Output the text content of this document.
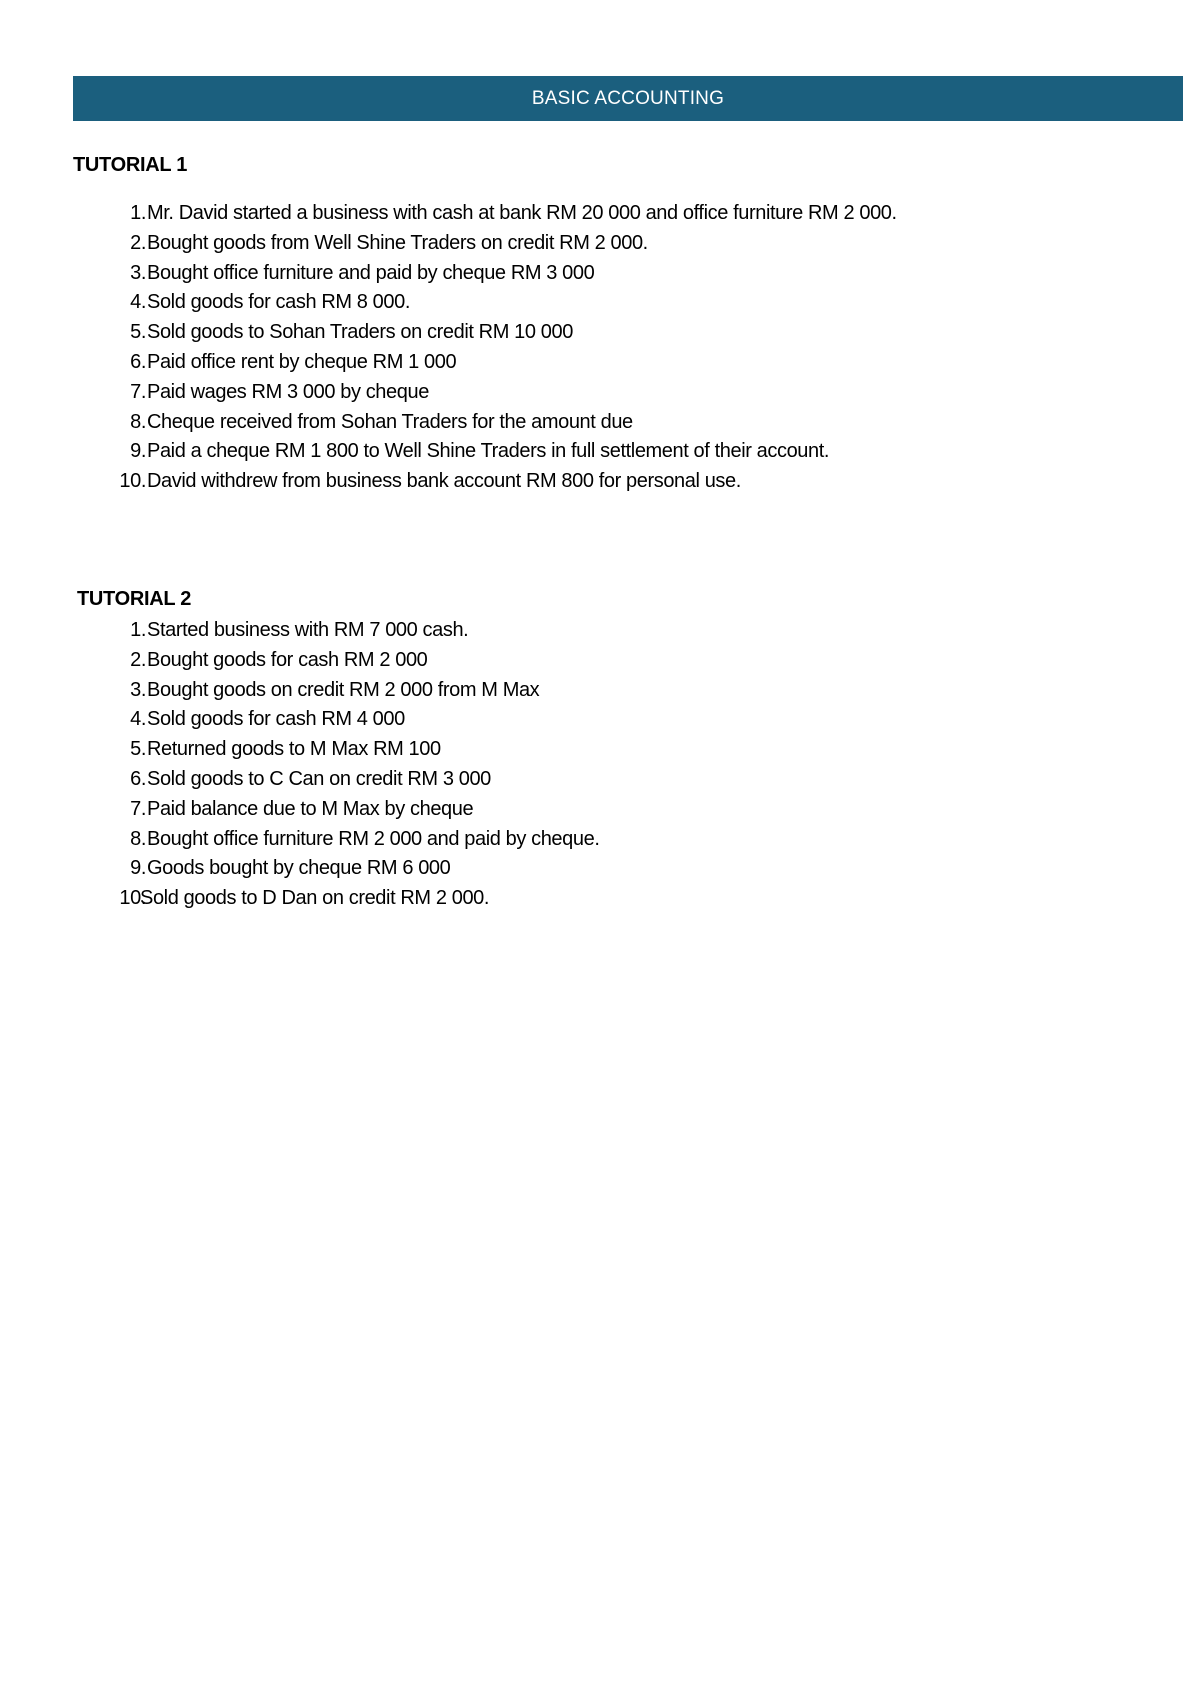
BASIC ACCOUNTING
TUTORIAL 1
1. Mr. David started a business with cash at bank RM 20 000 and office furniture RM 2 000.
2. Bought goods from Well Shine Traders on credit RM 2 000.
3. Bought office furniture and paid by cheque RM 3 000
4. Sold goods for cash RM 8 000.
5. Sold goods to Sohan Traders on credit RM 10 000
6. Paid office rent by cheque RM 1 000
7. Paid wages RM 3 000 by cheque
8. Cheque received from Sohan Traders for the amount due
9. Paid a cheque RM 1 800 to Well Shine Traders in full settlement of their account.
10. David withdrew from business bank account RM 800 for personal use.
TUTORIAL 2
1. Started business with RM 7 000 cash.
2. Bought goods for cash RM 2 000
3. Bought goods on credit RM 2 000 from M Max
4. Sold goods for cash RM 4 000
5. Returned goods to M Max RM 100
6. Sold goods to C Can on credit RM 3 000
7. Paid balance due to M Max by cheque
8. Bought office furniture RM 2 000 and paid by cheque.
9. Goods bought by cheque RM 6 000
10.
Sold goods to D Dan on credit RM 2 000.
